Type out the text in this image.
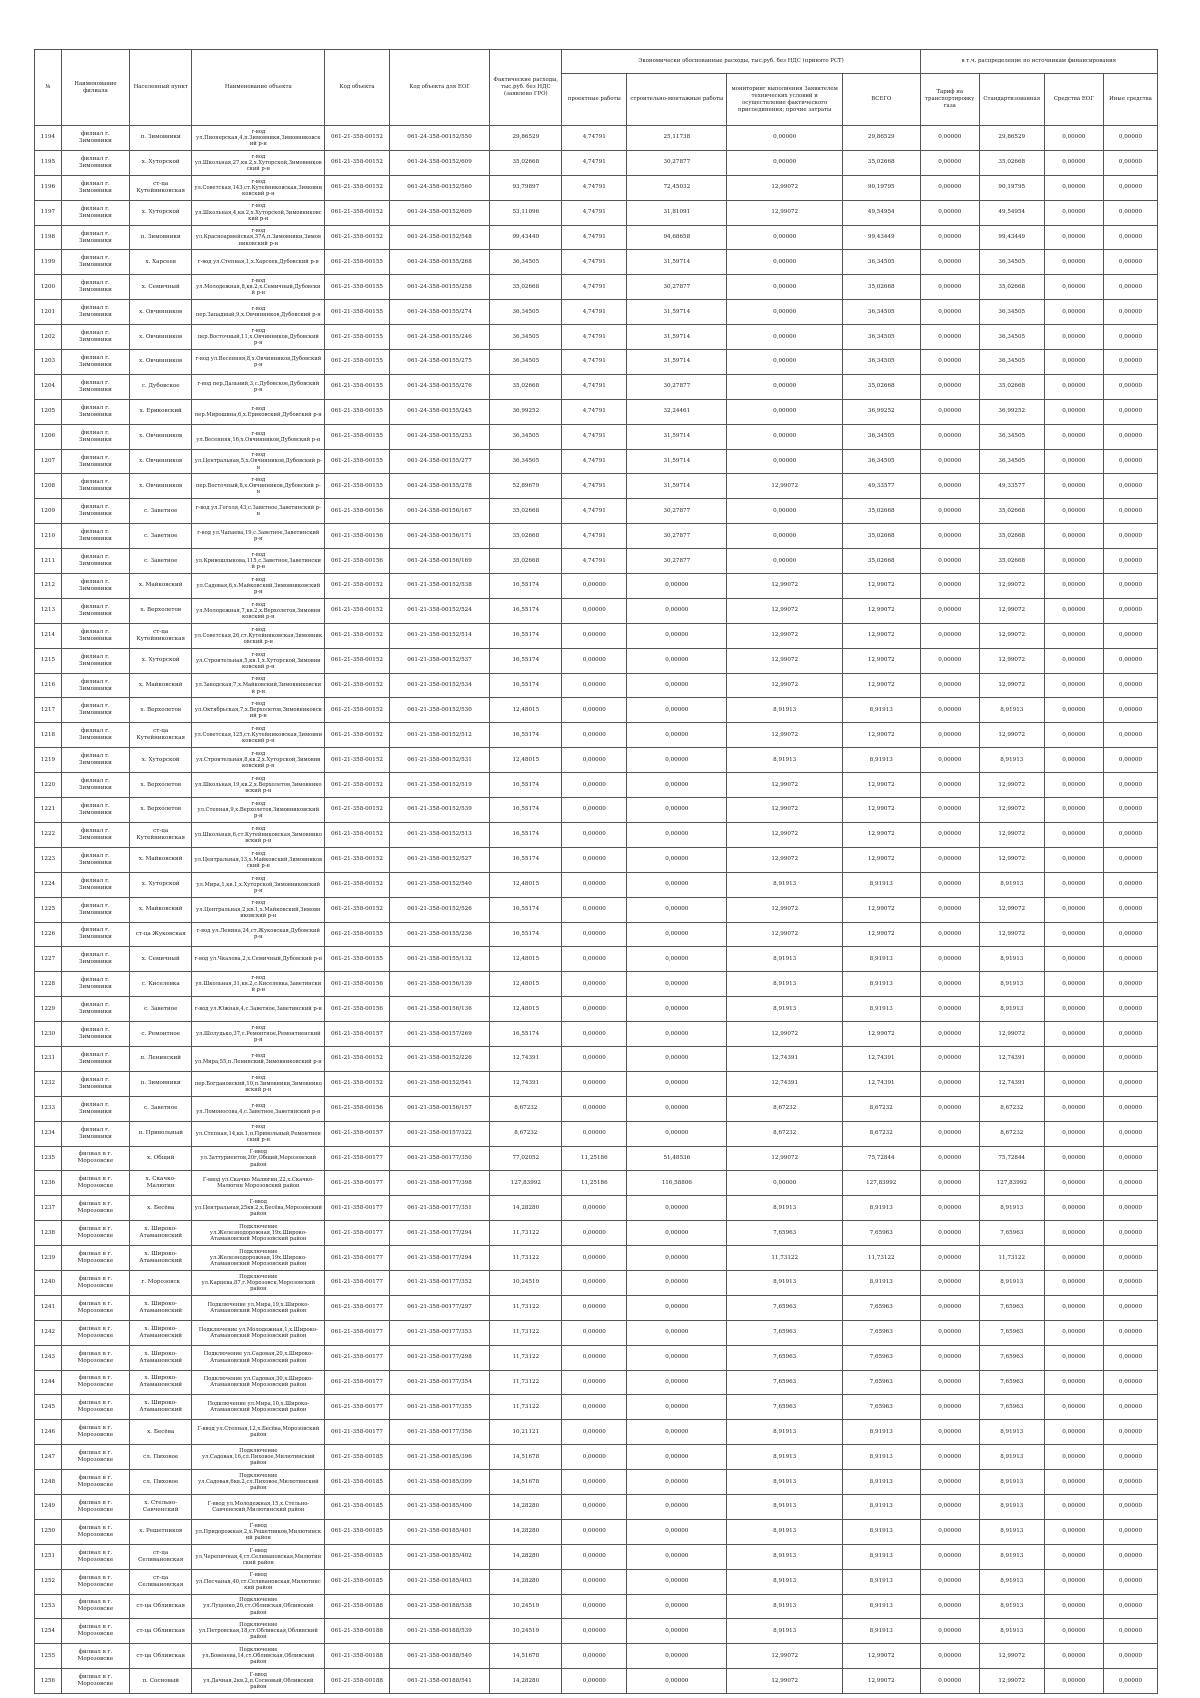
№	Наименование филиала	Населенный пункт	Наименование объекта	Код объекта	Код объекта для ЕОГ	Фактические расходы, тыс.руб. без НДС (заявлено ГРО)	Экономически обоснованные расходы, тыс.руб. без НДС (принято РСТ)				в т.ч. распределение по источникам финансирования			
							проектные работы	строительно-монтажные работы	мониторинг выполнения Заявителем технических условий и осуществление фактического присоединения; прочие затраты	ВСЕГО	Тариф на транспортировку газа	Стандартизованная	Средства ЕОГ	Иные средства
1194	филиал г. Зимовники	п. Зимовники	г-вод ул.Пионерская,4,п.Зимовники,Зимовниковский р-н	061-21-358-00152	061-24-358-00152/550	29,86529	4,74791	25,11738	0,00000	29,86529	0,00000	29,86529	0,00000	0,00000
1195	филиал г. Зимовники	х. Хуторской	г-вод ул.Школьная,27,кв.2,х.Хуторской,Зимовниковский р-н	061-21-358-00152	061-24-358-00152/609	35,02668	4,74791	30,27877	0,00000	35,02668	0,00000	35,02668	0,00000	0,00000
1196	филиал г. Зимовники	ст-ца Кутейниковская	г-вод ул.Советская,143,ст.Кутейниковская,Зимовниковский р-н	061-21-358-00152	061-24-358-00152/560	93,79897	4,74791	72,45032	12,99072	90,19795	0,00000	90,19795	0,00000	0,00000
1197	филиал г. Зимовники	х. Хуторской	г-вод ул.Школьная,4,кв.2,х.Хуторской,Зимовниковский р-н	061-21-358-00152	061-24-358-00152/609	53,11096	4,74791	31,81091	12,99072	49,54954	0,00000	49,54954	0,00000	0,00000
1198	филиал г. Зимовники	п. Зимовники	г-вод ул.Красноармейская,37А,п.Зимовники,Зимовниковский р-н	061-21-358-00152	061-24-358-00152/548	99,43449	4,74791	94,68658	0,00000	99,43449	0,00000	99,43449	0,00000	0,00000
1199	филиал г. Зимовники	х. Харсеев	г-вод ул.Степная,1,х.Харсеев,Дубовский р-н	061-21-358-00155	061-24-358-00155/268	36,34505	4,74791	31,59714	0,00000	36,34505	0,00000	36,34505	0,00000	0,00000
1200	филиал г. Зимовники	х. Семичный	г-вод ул.Молодежная,8,кв.2,х.Семичный,Дубовский р-н	061-21-358-00155	061-24-358-00155/258	35,02668	4,74791	30,27877	0,00000	35,02668	0,00000	35,02668	0,00000	0,00000
1201	филиал г. Зимовники	х. Овчинников	г-вод пер.Западный,9,х.Овчинников,Дубовский р-н	061-21-358-00155	061-24-358-00155/274	36,34505	4,74791	31,59714	0,00000	36,34505	0,00000	36,34505	0,00000	0,00000
1202	филиал г. Зимовники	х. Овчинников	г-вод пер.Восточный,11,х.Овчинников,Дубовский р-н	061-21-358-00155	061-24-358-00155/246	36,34505	4,74791	31,59714	0,00000	36,34505	0,00000	36,34505	0,00000	0,00000
1203	филиал г. Зимовники	х. Овчинников	г-вод ул.Весенняя,8,х.Овчинников,Дубовский р-н	061-21-358-00155	061-24-358-00155/275	36,34505	4,74791	31,59714	0,00000	36,34505	0,00000	36,34505	0,00000	0,00000
1204	филиал г. Зимовники	с. Дубовское	г-вод пер.Дальний,3,с.Дубовское,Дубовский р-н	061-21-358-00155	061-24-358-00155/276	35,02668	4,74791	30,27877	0,00000	35,02668	0,00000	35,02668	0,00000	0,00000
1205	филиал г. Зимовники	х. Ериковский	г-вод пер.Мирошина,6,х.Ериковский,Дубовский р-н	061-21-358-00155	061-24-358-00155/245	36,99252	4,74791	32,24461	0,00000	36,99252	0,00000	36,99252	0,00000	0,00000
1206	филиал г. Зимовники	х. Овчинников	г-вод ул.Весенняя,16,х.Овчинников,Дубовский р-н	061-21-358-00155	061-24-358-00155/253	36,34505	4,74791	31,59714	0,00000	36,34505	0,00000	36,34505	0,00000	0,00000
1207	филиал г. Зимовники	х. Овчинников	г-вод ул.Центральная,5,х.Овчинников,Дубовский р-н	061-21-358-00155	061-24-358-00155/277	36,34505	4,74791	31,59714	0,00000	36,34505	0,00000	36,34505	0,00000	0,00000
1208	филиал г. Зимовники	х. Овчинников	г-вод пер.Восточный,8,х.Овчинников,Дубовский р-н	061-21-358-00155	061-24-358-00155/278	52,89679	4,74791	31,59714	12,99072	49,33577	0,00000	49,33577	0,00000	0,00000
1209	филиал г. Зимовники	с. Заветное	г-вод ул.Гоголя,43,с.Заветное,Заветинский р-н	061-21-358-00156	061-24-358-00156/167	35,02668	4,74791	30,27877	0,00000	35,02668	0,00000	35,02668	0,00000	0,00000
1210	филиал г. Зимовники	с. Заветное	г-вод ул.Чапаева,19,с.Заветное,Заветинский р-н	061-21-358-00156	061-24-358-00156/171	35,02668	4,74791	30,27877	0,00000	35,02668	0,00000	35,02668	0,00000	0,00000
1211	филиал г. Зимовники	с. Заветное	г-вод ул.Кривошлыкова,115,с.Заветное,Заветинский р-н	061-21-358-00156	061-24-358-00156/169	35,02668	4,74791	30,27877	0,00000	35,02668	0,00000	35,02668	0,00000	0,00000
1212	филиал г. Зимовники	х. Майковский	г-вод ул.Садовая,6,х.Майковский,Зимовниковский р-н	061-21-358-00152	061-21-358-00152/538	16,55174	0,00000	0,00000	12,99072	12,99072	0,00000	12,99072	0,00000	0,00000
1213	филиал г. Зимовники	х. Верхолетов	г-вод ул.Молодежная,7,кв.2,х.Верхолетов,Зимовниковский р-н	061-21-358-00152	061-21-358-00152/524	16,55174	0,00000	0,00000	12,99072	12,99072	0,00000	12,99072	0,00000	0,00000
1214	филиал г. Зимовники	ст-ца Кутейниковская	г-вод ул.Советская,26,ст.Кутейниковская,Зимовниковский р-н	061-21-358-00152	061-21-358-00152/514	16,55174	0,00000	0,00000	12,99072	12,99072	0,00000	12,99072	0,00000	0,00000
1215	филиал г. Зимовники	х. Хуторской	г-вод ул.Строительная,5,кв.1,х.Хуторской,Зимовниковский р-н	061-21-358-00152	061-21-358-00152/537	16,55174	0,00000	0,00000	12,99072	12,99072	0,00000	12,99072	0,00000	0,00000
1216	филиал г. Зимовники	х. Майковский	г-вод ул.Заводская,7,х.Майковский,Зимовниковский р-н	061-21-358-00152	061-21-358-00152/534	16,55174	0,00000	0,00000	12,99072	12,99072	0,00000	12,99072	0,00000	0,00000
1217	филиал г. Зимовники	х. Верхолетов	г-вод ул.Октябрьская,7,х.Верхолетов,Зимовниковский р-н	061-21-358-00152	061-21-358-00152/530	12,48015	0,00000	0,00000	8,91913	8,91913	0,00000	8,91913	0,00000	0,00000
1218	филиал г. Зимовники	ст-ца Кутейниковская	г-вод ул.Советская,125,ст.Кутейниковская,Зимовниковский р-н	061-21-358-00152	061-21-358-00152/512	16,55174	0,00000	0,00000	12,99072	12,99072	0,00000	12,99072	0,00000	0,00000
1219	филиал г. Зимовники	х. Хуторской	г-вод ул.Строительная,8,кв.2,х.Хуторской,Зимовниковский р-н	061-21-358-00152	061-21-358-00152/531	12,48015	0,00000	0,00000	8,91913	8,91913	0,00000	8,91913	0,00000	0,00000
1220	филиал г. Зимовники	х. Верхолетов	г-вод ул.Школьная,19,кв.2,х.Верхолетов,Зимовниковский р-н	061-21-358-00152	061-21-358-00152/519	16,55174	0,00000	0,00000	12,99072	12,99072	0,00000	12,99072	0,00000	0,00000
1221	филиал г. Зимовники	х. Верхолетов	г-вод ул.Степная,9,х.Верхолетов,Зимовниковский р-н	061-21-358-00152	061-21-358-00152/539	16,55174	0,00000	0,00000	12,99072	12,99072	0,00000	12,99072	0,00000	0,00000
1222	филиал г. Зимовники	ст-ца Кутейниковская	г-вод ул.Школьная,6,ст.Кутейниковская,Зимовниковский р-н	061-21-358-00152	061-21-358-00152/513	16,55174	0,00000	0,00000	12,99072	12,99072	0,00000	12,99072	0,00000	0,00000
1223	филиал г. Зимовники	х. Майковский	г-вод ул.Центральная,13,х.Майковский,Зимовниковский р-н	061-21-358-00152	061-21-358-00152/527	16,55174	0,00000	0,00000	12,99072	12,99072	0,00000	12,99072	0,00000	0,00000
1224	филиал г. Зимовники	х. Хуторской	г-вод ул.Мира,1,кв.1,х.Хуторской,Зимовниковский р-н	061-21-358-00152	061-21-358-00152/540	12,48015	0,00000	0,00000	8,91913	8,91913	0,00000	8,91913	0,00000	0,00000
1225	филиал г. Зимовники	х. Майковский	г-вод ул.Центральная,2,кв.1,х.Майковский,Зимовниковский р-н	061-21-358-00152	061-21-358-00152/526	16,55174	0,00000	0,00000	12,99072	12,99072	0,00000	12,99072	0,00000	0,00000
1226	филиал г. Зимовники	ст-ца Жуковская	г-вод ул.Ленина,24,ст.Жуковская,Дубовский р-н	061-21-358-00155	061-21-358-00155/236	16,55174	0,00000	0,00000	12,99072	12,99072	0,00000	12,99072	0,00000	0,00000
1227	филиал г. Зимовники	х. Семичный	г-вод ул.Чкалова,2,х.Семичный,Дубовский р-н	061-21-358-00155	061-21-358-00155/132	12,48015	0,00000	0,00000	8,91913	8,91913	0,00000	8,91913	0,00000	0,00000
1228	филиал г. Зимовники	с. Киселевка	г-вод ул.Школьная,31,кв.2,с.Киселевка,Заветинский р-н	061-21-358-00156	061-21-358-00156/139	12,48015	0,00000	0,00000	8,91913	8,91913	0,00000	8,91913	0,00000	0,00000
1229	филиал г. Зимовники	с. Заветное	г-вод ул.Южная,4,с.Заветное,Заветинский р-н	061-21-358-00156	061-21-358-00156/136	12,48015	0,00000	0,00000	8,91913	8,91913	0,00000	8,91913	0,00000	0,00000
1230	филиал г. Зимовники	с. Ремонтное	г-вод ул.Шолудько,37,с.Ремонтное,Ремонтненский р-н	061-21-358-00157	061-21-358-00157/269	16,55174	0,00000	0,00000	12,99072	12,99072	0,00000	12,99072	0,00000	0,00000
1231	филиал г. Зимовники	п. Ленинский	г-вод ул.Мира,55,п.Ленинский,Зимовниковский р-н	061-21-358-00152	061-21-358-00152/226	12,74391	0,00000	0,00000	12,74391	12,74391	0,00000	12,74391	0,00000	0,00000
1232	филиал г. Зимовники	п. Зимовники	г-вод пер.Богдановский,10,п.Зимовники,Зимовниковский р-н	061-21-358-00152	061-21-358-00152/541	12,74391	0,00000	0,00000	12,74391	12,74391	0,00000	12,74391	0,00000	0,00000
1233	филиал г. Зимовники	с. Заветное	г-вод ул.Ломоносова,4,с.Заветное,Заветинский р-н	061-21-358-00156	061-21-358-00156/157	8,67232	0,00000	0,00000	8,67232	8,67232	0,00000	8,67232	0,00000	0,00000
1234	филиал г. Зимовники	п. Привольный	г-вод ул.Степная,14,кв.1,п.Привольный,Ремонтненский р-н	061-21-358-00157	061-21-358-00157/322	8,67232	0,00000	0,00000	8,67232	8,67232	0,00000	8,67232	0,00000	0,00000
1235	филиал в г. Морозовске	х. Общий	Г-ввод ул.Заттуриентов,20г,Общий,Морозовский район	061-21-358-00177	061-21-358-00177/350	77,02052	11,25186	51,48536	12,99072	75,72844	0,00000	75,72844	0,00000	0,00000
1236	филиал в г. Морозовске	х. Скачко-Малюгин	Г-ввод ул.Скачко Малюгин,22,х.Скачко-Малюгин Морозовский район	061-21-358-00177	061-21-358-00177/398	127,83992	11,25186	116,58806	0,00000	127,83992	0,00000	127,83992	0,00000	0,00000
1237	филиал в г. Морозовске	х. Бесёва	Г-ввод ул.Центральная,25кв.2,х.Бесёва,Морозовский район	061-21-358-00177	061-21-358-00177/351	14,28280	0,00000	0,00000	8,91913	8,91913	0,00000	8,91913	0,00000	0,00000
1238	филиал в г. Морозовске	х. Широко-Атамановский	Подключение ул.Железнодорожная,19х.Широко-Атамановский Морозовский район	061-21-358-00177	061-21-358-00177/294	11,73122	0,00000	0,00000	7,65963	7,65963	0,00000	7,65963	0,00000	0,00000
1239	филиал в г. Морозовске	х. Широко-Атамановский	Подключение ул.Железнодорожная,19х.Широко-Атамановский Морозовский район	061-21-358-00177	061-21-358-00177/294	11,73122	0,00000	0,00000	11,73122	11,73122	0,00000	11,73122	0,00000	0,00000
1240	филиал в г. Морозовске	г. Морозовск	Подключение ул.Карцева,87,г.Морозовск,Морозовский район	061-21-358-00177	061-21-358-00177/352	10,24519	0,00000	0,00000	8,91913	8,91913	0,00000	8,91913	0,00000	0,00000
1241	филиал в г. Морозовске	х. Широко-Атамановский	Подключение ул.Мира,19,х.Широко-Атамановский Морозовский район	061-21-358-00177	061-21-358-00177/297	11,73122	0,00000	0,00000	7,65963	7,65963	0,00000	7,65963	0,00000	0,00000
1242	филиал в г. Морозовске	х. Широко-Атамановский	Подключение ул.Молодежная,1,х.Широко-Атамановский Морозовский район	061-21-358-00177	061-21-358-00177/353	11,73122	0,00000	0,00000	7,65963	7,65963	0,00000	7,65963	0,00000	0,00000
1243	филиал в г. Морозовске	х. Широко-Атамановский	Подключение ул.Садовая,20,х.Широко-Атамановский Морозовский район	061-21-358-00177	061-21-358-00177/298	11,73122	0,00000	0,00000	7,65963	7,65963	0,00000	7,65963	0,00000	0,00000
1244	филиал в г. Морозовске	х. Широко-Атамановский	Подключение ул.Садовая,30,х.Широко-Атамановский Морозовский район	061-21-358-00177	061-21-358-00177/354	11,73122	0,00000	0,00000	7,65963	7,65963	0,00000	7,65963	0,00000	0,00000
1245	филиал в г. Морозовске	х. Широко-Атамановский	Подключение ул.Мира,10,х.Широко-Атамановский Морозовский район	061-21-358-00177	061-21-358-00177/355	11,73122	0,00000	0,00000	7,65963	7,65963	0,00000	7,65963	0,00000	0,00000
1246	филиал в г. Морозовске	х. Бесёва	Г-ввод ул.Степная,12,х.Бесёва,Морозовский район	061-21-358-00177	061-21-358-00177/356	10,21121	0,00000	0,00000	8,91913	8,91913	0,00000	8,91913	0,00000	0,00000
1247	филиал в г. Морозовске	сл. Пиховое	Подключение ул.Садовая,16,сл.Пиховое,Милютинский район	061-21-358-00185	061-21-358-00185/396	14,51678	0,00000	0,00000	8,91913	8,91913	0,00000	8,91913	0,00000	0,00000
1248	филиал в г. Морозовске	сл. Пиховое	Подключение ул.Садовая,6кв.2,сл.Пиховое,Милютинский район	061-21-358-00185	061-21-358-00185/399	14,51678	0,00000	0,00000	8,91913	8,91913	0,00000	8,91913	0,00000	0,00000
1249	филиал в г. Морозовске	х. Стельно-Савченский	Г-ввод ул.Молодежная,15,х.Стельно-Савченский,Милютинский район	061-21-358-00185	061-21-358-00185/400	14,28280	0,00000	0,00000	8,91913	8,91913	0,00000	8,91913	0,00000	0,00000
1250	филиал в г. Морозовске	х. Решетников	Г-ввод ул.Придорожная,2,х.Решетников,Милютинский район	061-21-358-00185	061-21-358-00185/401	14,28280	0,00000	0,00000	8,91913	8,91913	0,00000	8,91913	0,00000	0,00000
1251	филиал в г. Морозовске	ст-ца Селивановская	Г-ввод ул.Черепичная,4,ст.Селивановская,Милютинский район	061-21-358-00185	061-21-358-00185/402	14,28280	0,00000	0,00000	8,91913	8,91913	0,00000	8,91913	0,00000	0,00000
1252	филиал в г. Морозовске	ст-ца Селивановская	Г-ввод ул.Песчаная,40,ст.Селивановская,Милютинский район	061-21-358-00185	061-21-358-00185/403	14,28280	0,00000	0,00000	8,91913	8,91913	0,00000	8,91913	0,00000	0,00000
1253	филиал в г. Морозовске	ст-ца Обливская	Подключение ул.Луценко,26,ст.Обливская,Обливский район	061-21-358-00188	061-21-358-00188/538	10,24519	0,00000	0,00000	8,91913	8,91913	0,00000	8,91913	0,00000	0,00000
1254	филиал в г. Морозовске	ст-ца Обливская	Подключение ул.Петровская,18,ст.Обливская,Обливский район	061-21-358-00188	061-21-358-00188/539	10,24519	0,00000	0,00000	8,91913	8,91913	0,00000	8,91913	0,00000	0,00000
1255	филиал в г. Морозовске	ст-ца Обливская	Подключение ул.Бовенева,14,ст.Обливская,Обливский район	061-21-358-00188	061-21-358-00188/540	14,51678	0,00000	0,00000	12,99072	12,99072	0,00000	12,99072	0,00000	0,00000
1256	филиал в г. Морозовске	п. Сосновый	Г-ввод ул.Дачная,2кв.2,п.Сосновый,Обливский район	061-21-358-00188	061-21-358-00188/541	14,28280	0,00000	0,00000	12,99072	12,99072	0,00000	12,99072	0,00000	0,00000
